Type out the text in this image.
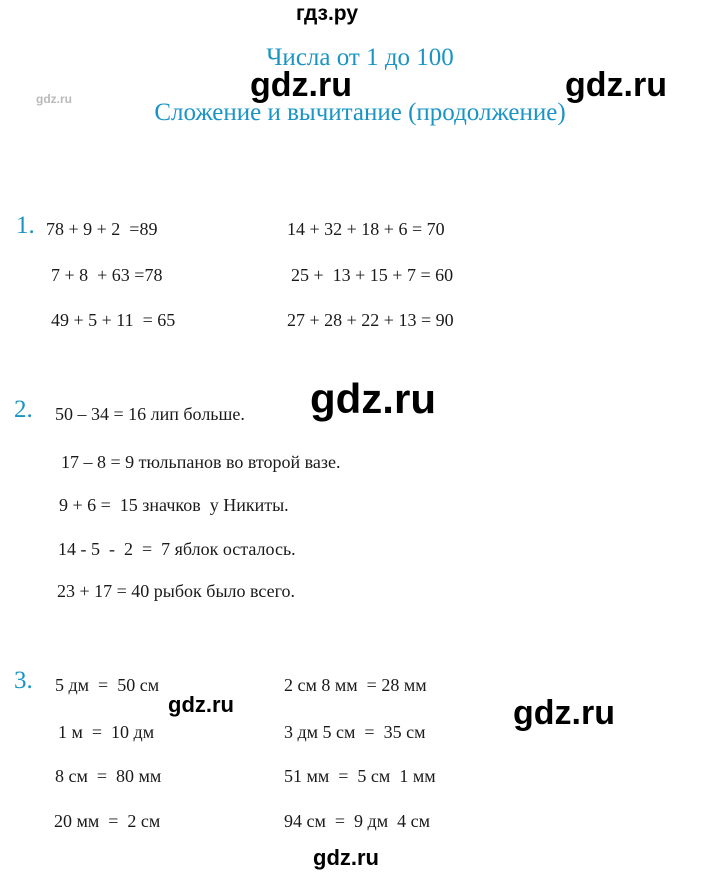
гдз.ру
Числа от 1 до 100
Сложение и вычитание (продолжение)
1. 78 + 9 + 2  =89
7 + 8  + 63 =78
49 + 5 + 11  = 65
14 + 32 + 18 + 6 = 70
25 +  13 + 15 + 7 = 60
27 + 28 + 22 + 13 = 90
2. 50 – 34 = 16 лип больше.
17 – 8 = 9 тюльпанов во второй вазе.
9 + 6 =  15 значков  у Никиты.
14 - 5  -  2  =  7 яблок осталось.
23 + 17 = 40 рыбок было всего.
3. 5 дм  =  50 см
1 м  =  10 дм
8 см  =  80 мм
20 мм  =  2 см
2 см 8 мм  = 28 мм
3 дм 5 см  =  35 см
51 мм  =  5 см  1 мм
94 см  =  9 дм  4 см
gdz.ru	gdz.ru
gdz.ru
gdz.ru	gdz.ru
gdz.ru
gdz.ru
